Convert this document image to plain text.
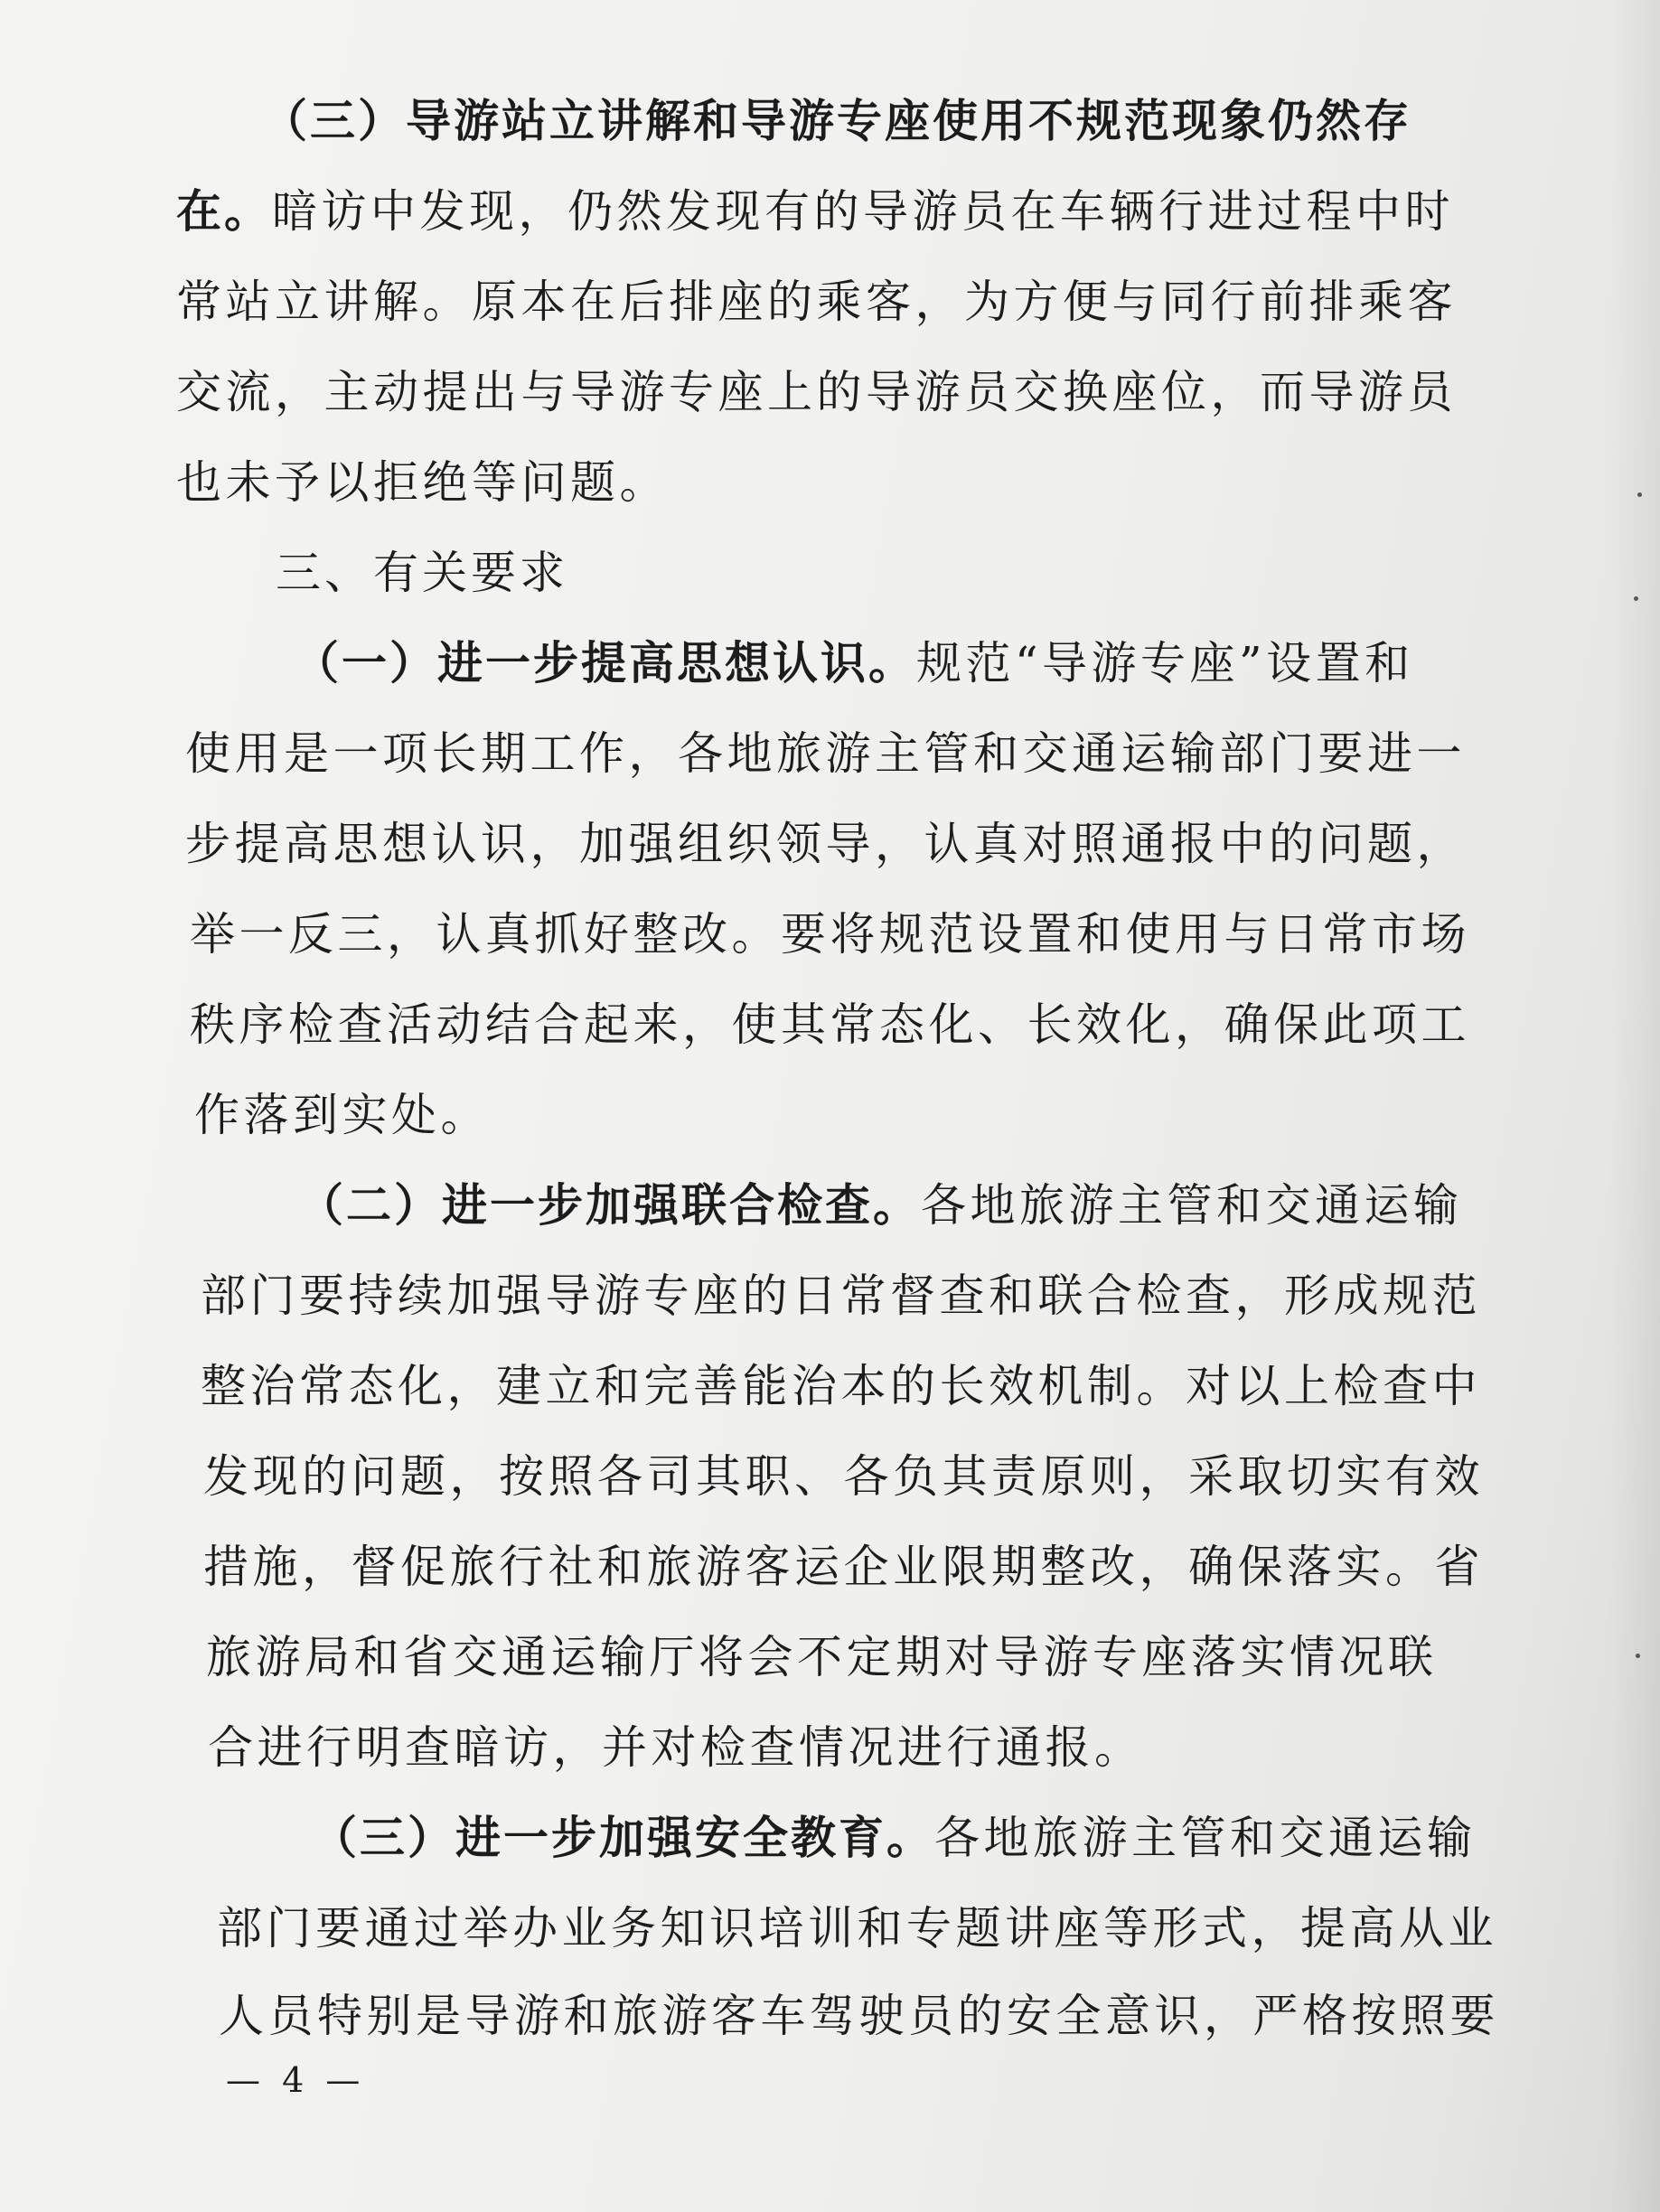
（三）导游站立讲解和导游专座使用不规范现象仍然存
在。暗访中发现，仍然发现有的导游员在车辆行进过程中时
常站立讲解。原本在后排座的乘客，为方便与同行前排乘客
交流，主动提出与导游专座上的导游员交换座位，而导游员
也未予以拒绝等问题。
三、有关要求
（一）进一步提高思想认识。规范“导游专座”设置和
使用是一项长期工作，各地旅游主管和交通运输部门要进一
步提高思想认识，加强组织领导，认真对照通报中的问题，
举一反三，认真抓好整改。要将规范设置和使用与日常市场
秩序检查活动结合起来，使其常态化、长效化，确保此项工
作落到实处。
（二）进一步加强联合检查。各地旅游主管和交通运输
部门要持续加强导游专座的日常督查和联合检查，形成规范
整治常态化，建立和完善能治本的长效机制。对以上检查中
发现的问题，按照各司其职、各负其责原则，采取切实有效
措施，督促旅行社和旅游客运企业限期整改，确保落实。省
旅游局和省交通运输厅将会不定期对导游专座落实情况联
合进行明查暗访，并对检查情况进行通报。
（三）进一步加强安全教育。各地旅游主管和交通运输
部门要通过举办业务知识培训和专题讲座等形式，提高从业
人员特别是导游和旅游客车驾驶员的安全意识，严格按照要
— 4 —
